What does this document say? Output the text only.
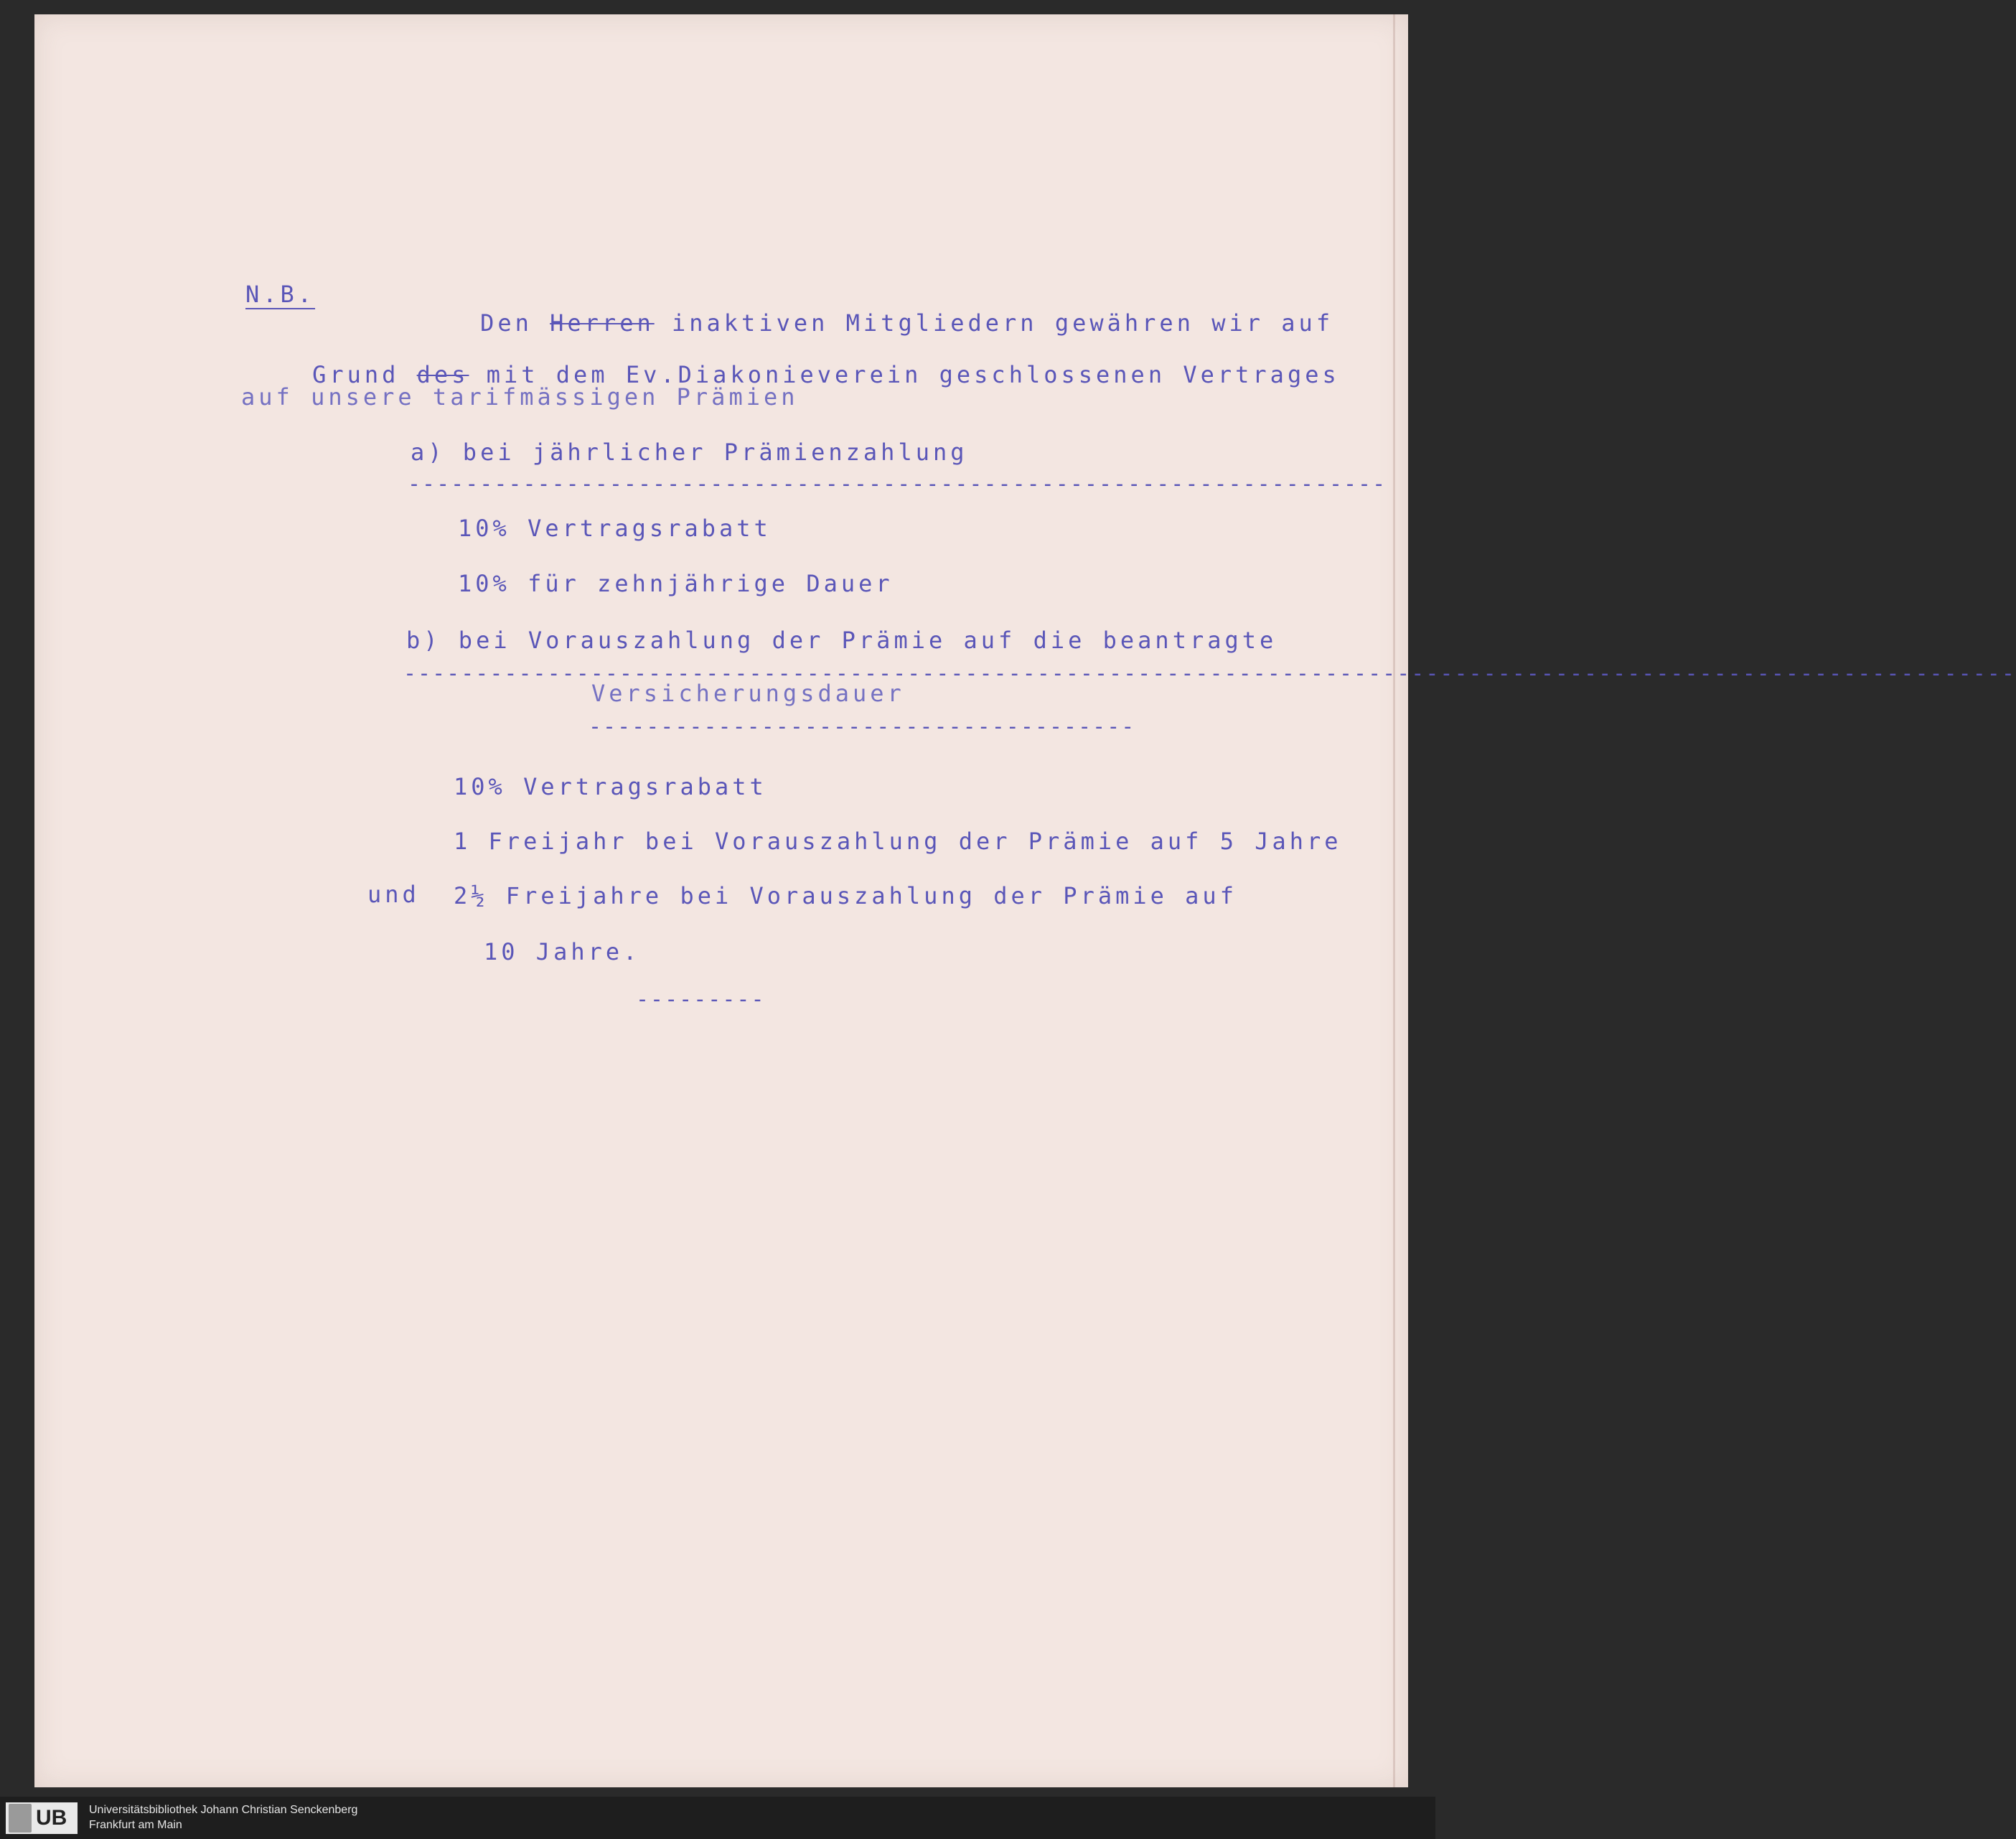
N.B.

Den Herren inaktiven Mitgliedern gewähren wir auf

Grund des mit dem Ev.Diakonieverein geschlossenen Vertrages

auf unsere tarifmässigen Prämien
a) bei jährlicher Prämienzahlung
--------------------------------------------------------------------
10% Vertragsrabatt
10% für zehnjährige Dauer
b) bei Vorauszahlung der Prämie auf die beantragte
----------------------------------------------------------------------------------------------------------------
Versicherungsdauer
--------------------------------------
10% Vertragsrabatt
1 Freijahr bei Vorauszahlung der Prämie auf 5 Jahre
und 2½ Freijahre bei Vorauszahlung der Prämie auf
10 Jahre.
---------
UB Universitätsbibliothek Johann Christian Senckenberg
Frankfurt am Main
